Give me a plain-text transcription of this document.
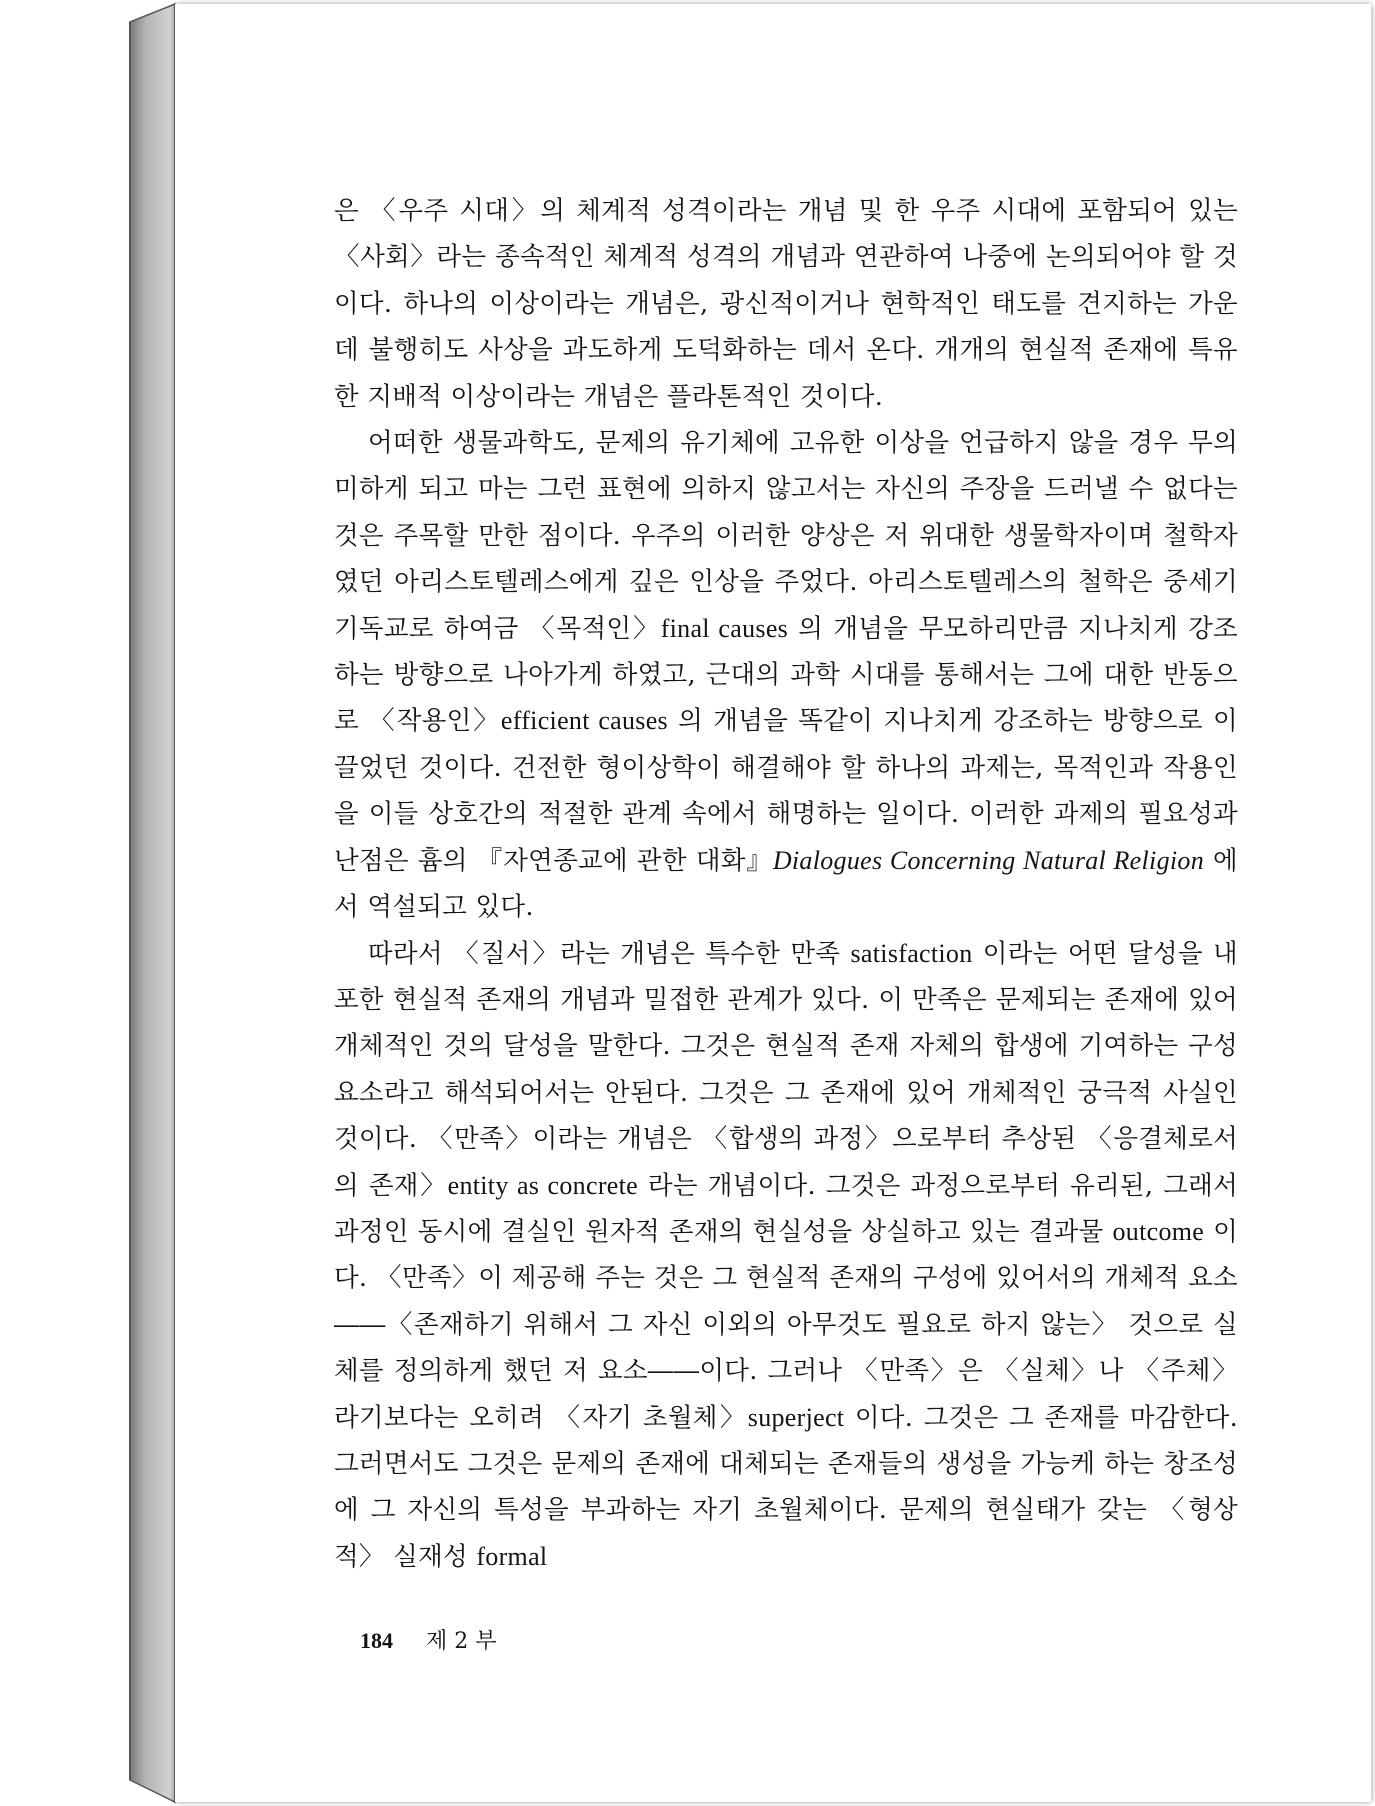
은 〈우주 시대〉의 체계적 성격이라는 개념 및 한 우주 시대에 포함되어 있는 〈사회〉라는 종속적인 체계적 성격의 개념과 연관하여 나중에 논의되어야 할 것이다. 하나의 이상이라는 개념은, 광신적이거나 현학적인 태도를 견지하는 가운데 불행히도 사상을 과도하게 도덕화하는 데서 온다. 개개의 현실적 존재에 특유한 지배적 이상이라는 개념은 플라톤적인 것이다.

어떠한 생물과학도, 문제의 유기체에 고유한 이상을 언급하지 않을 경우 무의미하게 되고 마는 그런 표현에 의하지 않고서는 자신의 주장을 드러낼 수 없다는 것은 주목할 만한 점이다. 우주의 이러한 양상은 저 위대한 생물학자이며 철학자였던 아리스토텔레스에게 깊은 인상을 주었다. 아리스토텔레스의 철학은 중세기 기독교로 하여금 〈목적인〉final causes 의 개념을 무모하리만큼 지나치게 강조하는 방향으로 나아가게 하였고, 근대의 과학 시대를 통해서는 그에 대한 반동으로 〈작용인〉efficient causes 의 개념을 똑같이 지나치게 강조하는 방향으로 이끌었던 것이다. 건전한 형이상학이 해결해야 할 하나의 과제는, 목적인과 작용인을 이들 상호간의 적절한 관계 속에서 해명하는 일이다. 이러한 과제의 필요성과 난점은 흄의 『자연종교에 관한 대화』Dialogues Concerning Natural Religion 에서 역설되고 있다.

따라서 〈질서〉라는 개념은 특수한 만족 satisfaction 이라는 어떤 달성을 내포한 현실적 존재의 개념과 밀접한 관계가 있다. 이 만족은 문제되는 존재에 있어 개체적인 것의 달성을 말한다. 그것은 현실적 존재 자체의 합생에 기여하는 구성 요소라고 해석되어서는 안된다. 그것은 그 존재에 있어 개체적인 궁극적 사실인 것이다. 〈만족〉이라는 개념은 〈합생의 과정〉으로부터 추상된 〈응결체로서의 존재〉entity as concrete 라는 개념이다. 그것은 과정으로부터 유리된, 그래서 과정인 동시에 결실인 원자적 존재의 현실성을 상실하고 있는 결과물 outcome 이다. 〈만족〉이 제공해 주는 것은 그 현실적 존재의 구성에 있어서의 개체적 요소――〈존재하기 위해서 그 자신 이외의 아무것도 필요로 하지 않는〉 것으로 실체를 정의하게 했던 저 요소――이다. 그러나 〈만족〉은 〈실체〉나 〈주체〉라기보다는 오히려 〈자기 초월체〉superject 이다. 그것은 그 존재를 마감한다. 그러면서도 그것은 문제의 존재에 대체되는 존재들의 생성을 가능케 하는 창조성에 그 자신의 특성을 부과하는 자기 초월체이다. 문제의 현실태가 갖는 〈형상적〉 실재성 formal

184 제 2 부
